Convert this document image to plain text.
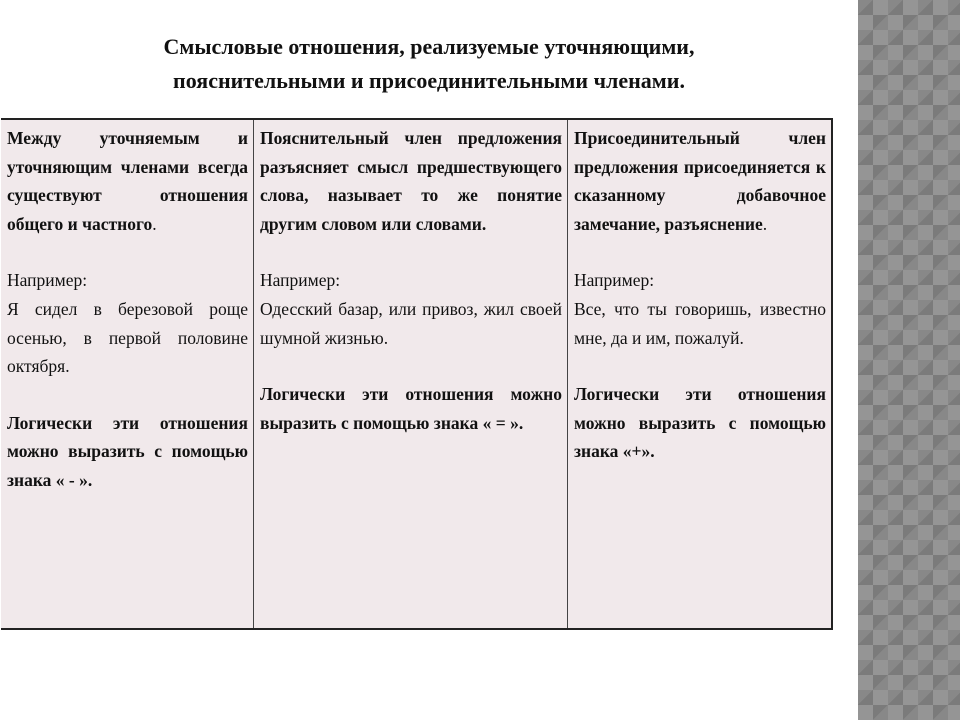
Смысловые отношения, реализуемые уточняющими,
пояснительными и присоединительными членами.

Между уточняемым и уточняющим членами всегда существуют отношения общего и частного.

Например:

Я сидел в березовой роще осенью, в первой половине октября.

Логически эти отношения можно выразить с помощью знака « - ».

Пояснительный член предложения разъясняет смысл предшествующего слова, называет то же понятие другим словом или словами.

Например:

Одесский базар, или привоз, жил своей шумной жизнью.

Логически эти отношения можно выразить с помощью знака « = ».

Присоединительный член предложения присоединяется к сказанному добавочное замечание, разъяснение.

Например:

Все, что ты говоришь, известно мне, да и им, пожалуй.

Логически эти отношения можно выразить с помощью знака «+».
